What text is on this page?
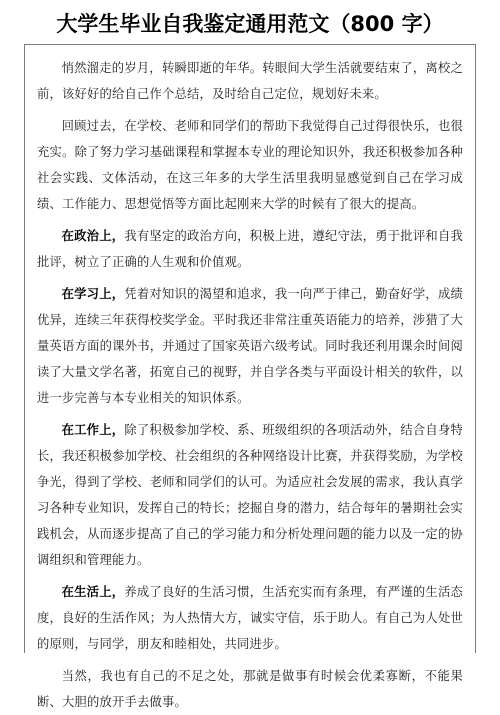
大学生毕业自我鉴定通用范文（800 字）

悄然溜走的岁月，转瞬即逝的年华。转眼间大学生活就要结束了，离校之前，该好好的给自己作个总结，及时给自己定位，规划好未来。

回顾过去，在学校、老师和同学们的帮助下我觉得自己过得很快乐，也很充实。除了努力学习基础课程和掌握本专业的理论知识外，我还积极参加各种社会实践、文体活动，在这三年多的大学生活里我明显感觉到自己在学习成绩、工作能力、思想觉悟等方面比起刚来大学的时候有了很大的提高。

在政治上，我有坚定的政治方向，积极上进，遵纪守法，勇于批评和自我批评，树立了正确的人生观和价值观。

在学习上，凭着对知识的渴望和追求，我一向严于律己，勤奋好学，成绩优异，连续三年获得校奖学金。平时我还非常注重英语能力的培养，涉猎了大量英语方面的课外书，并通过了国家英语六级考试。同时我还利用课余时间阅读了大量文学名著，拓宽自己的视野，并自学各类与平面设计相关的软件，以进一步完善与本专业相关的知识体系。

在工作上，除了积极参加学校、系、班级组织的各项活动外，结合自身特长，我还积极参加学校、社会组织的各种网络设计比赛，并获得奖励，为学校争光，得到了学校、老师和同学们的认可。为适应社会发展的需求，我认真学习各种专业知识，发挥自己的特长；挖掘自身的潜力，结合每年的暑期社会实践机会，从而逐步提高了自己的学习能力和分析处理问题的能力以及一定的协调组织和管理能力。

在生活上，养成了良好的生活习惯，生活充实而有条理，有严谨的生活态度，良好的生活作风；为人热情大方，诚实守信，乐于助人。有自己为人处世的原则，与同学，朋友和睦相处，共同进步。

当然，我也有自己的不足之处，那就是做事有时候会优柔寡断，不能果断、大胆的放开手去做事。
